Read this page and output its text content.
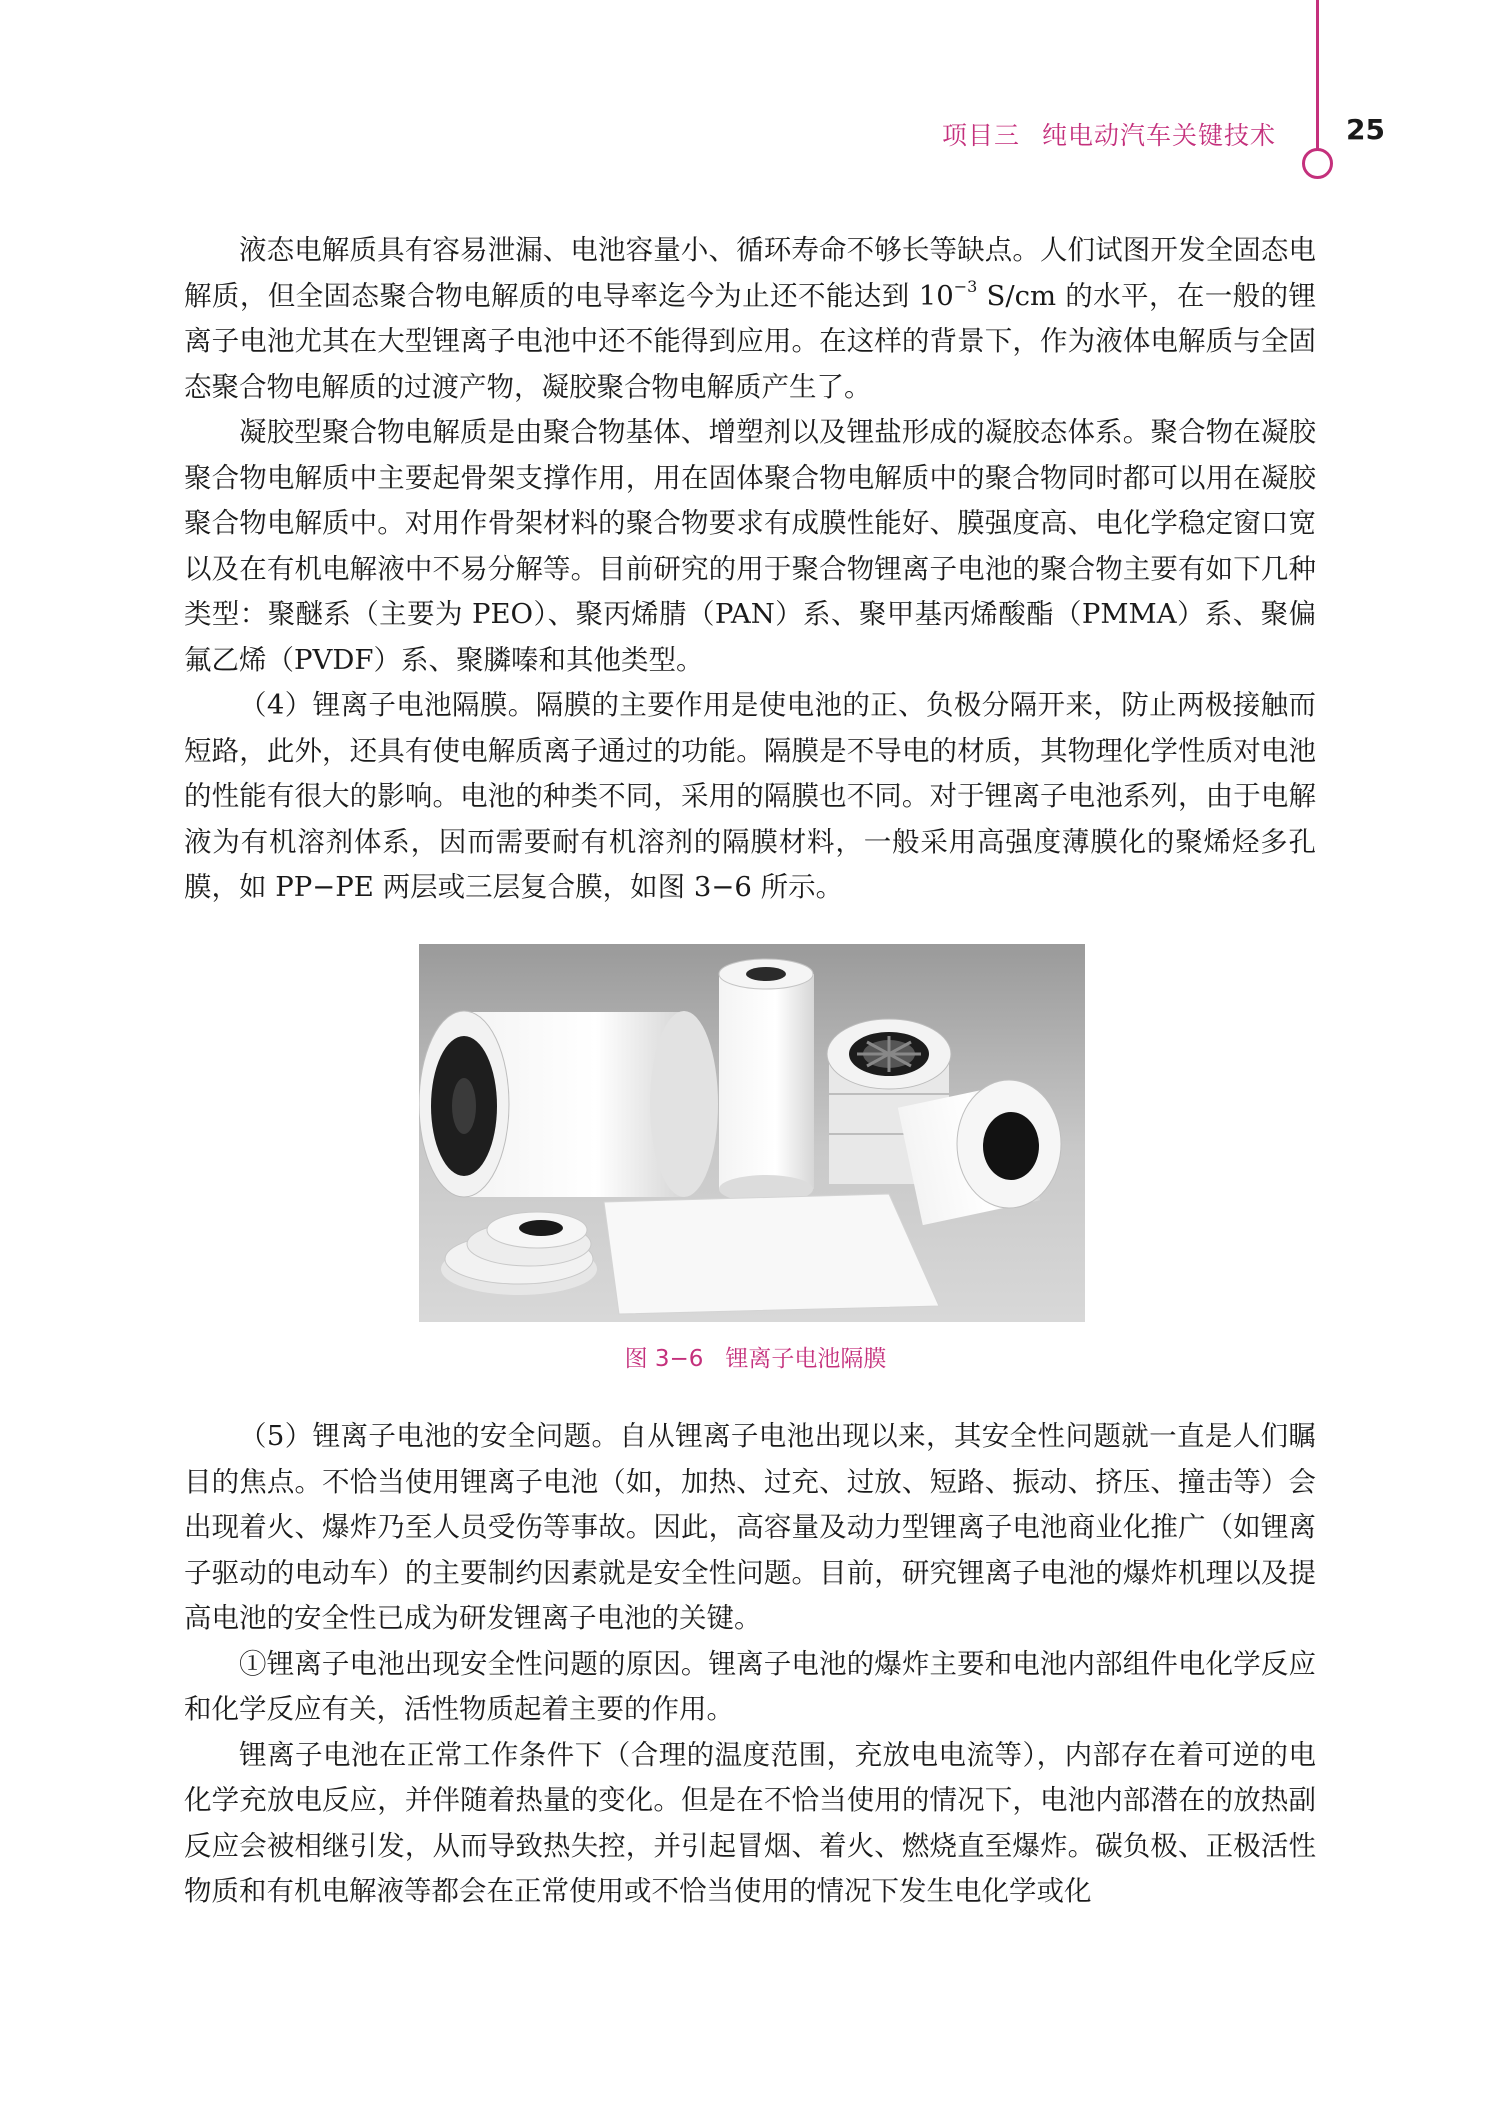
项目三 纯电动汽车关键技术	25

液态电解质具有容易泄漏、电池容量小、循环寿命不够长等缺点。人们试图开发全固态电解质，但全固态聚合物电解质的电导率迄今为止还不能达到 $10^{-3}$ S/cm 的水平，在一般的锂离子电池尤其在大型锂离子电池中还不能得到应用。在这样的背景下，作为液体电解质与全固态聚合物电解质的过渡产物，凝胶聚合物电解质产生了。

凝胶型聚合物电解质是由聚合物基体、增塑剂以及锂盐形成的凝胶态体系。聚合物在凝胶聚合物电解质中主要起骨架支撑作用，用在固体聚合物电解质中的聚合物同时都可以用在凝胶聚合物电解质中。对用作骨架材料的聚合物要求有成膜性能好、膜强度高、电化学稳定窗口宽以及在有机电解液中不易分解等。目前研究的用于聚合物锂离子电池的聚合物主要有如下几种类型：聚醚系（主要为 PEO）、聚丙烯腈（PAN）系、聚甲基丙烯酸酯（PMMA）系、聚偏氟乙烯（PVDF）系、聚膦嗪和其他类型。

（4）锂离子电池隔膜。隔膜的主要作用是使电池的正、负极分隔开来，防止两极接触而短路，此外，还具有使电解质离子通过的功能。隔膜是不导电的材质，其物理化学性质对电池的性能有很大的影响。电池的种类不同，采用的隔膜也不同。对于锂离子电池系列，由于电解液为有机溶剂体系，因而需要耐有机溶剂的隔膜材料，一般采用高强度薄膜化的聚烯烃多孔膜，如 PP−PE 两层或三层复合膜，如图 3−6 所示。

图 3−6 锂离子电池隔膜

（5）锂离子电池的安全问题。自从锂离子电池出现以来，其安全性问题就一直是人们瞩目的焦点。不恰当使用锂离子电池（如，加热、过充、过放、短路、振动、挤压、撞击等）会出现着火、爆炸乃至人员受伤等事故。因此，高容量及动力型锂离子电池商业化推广（如锂离子驱动的电动车）的主要制约因素就是安全性问题。目前，研究锂离子电池的爆炸机理以及提高电池的安全性已成为研发锂离子电池的关键。

①锂离子电池出现安全性问题的原因。锂离子电池的爆炸主要和电池内部组件电化学反应和化学反应有关，活性物质起着主要的作用。

锂离子电池在正常工作条件下（合理的温度范围，充放电电流等），内部存在着可逆的电化学充放电反应，并伴随着热量的变化。但是在不恰当使用的情况下，电池内部潜在的放热副反应会被相继引发，从而导致热失控，并引起冒烟、着火、燃烧直至爆炸。碳负极、正极活性物质和有机电解液等都会在正常使用或不恰当使用的情况下发生电化学或化
